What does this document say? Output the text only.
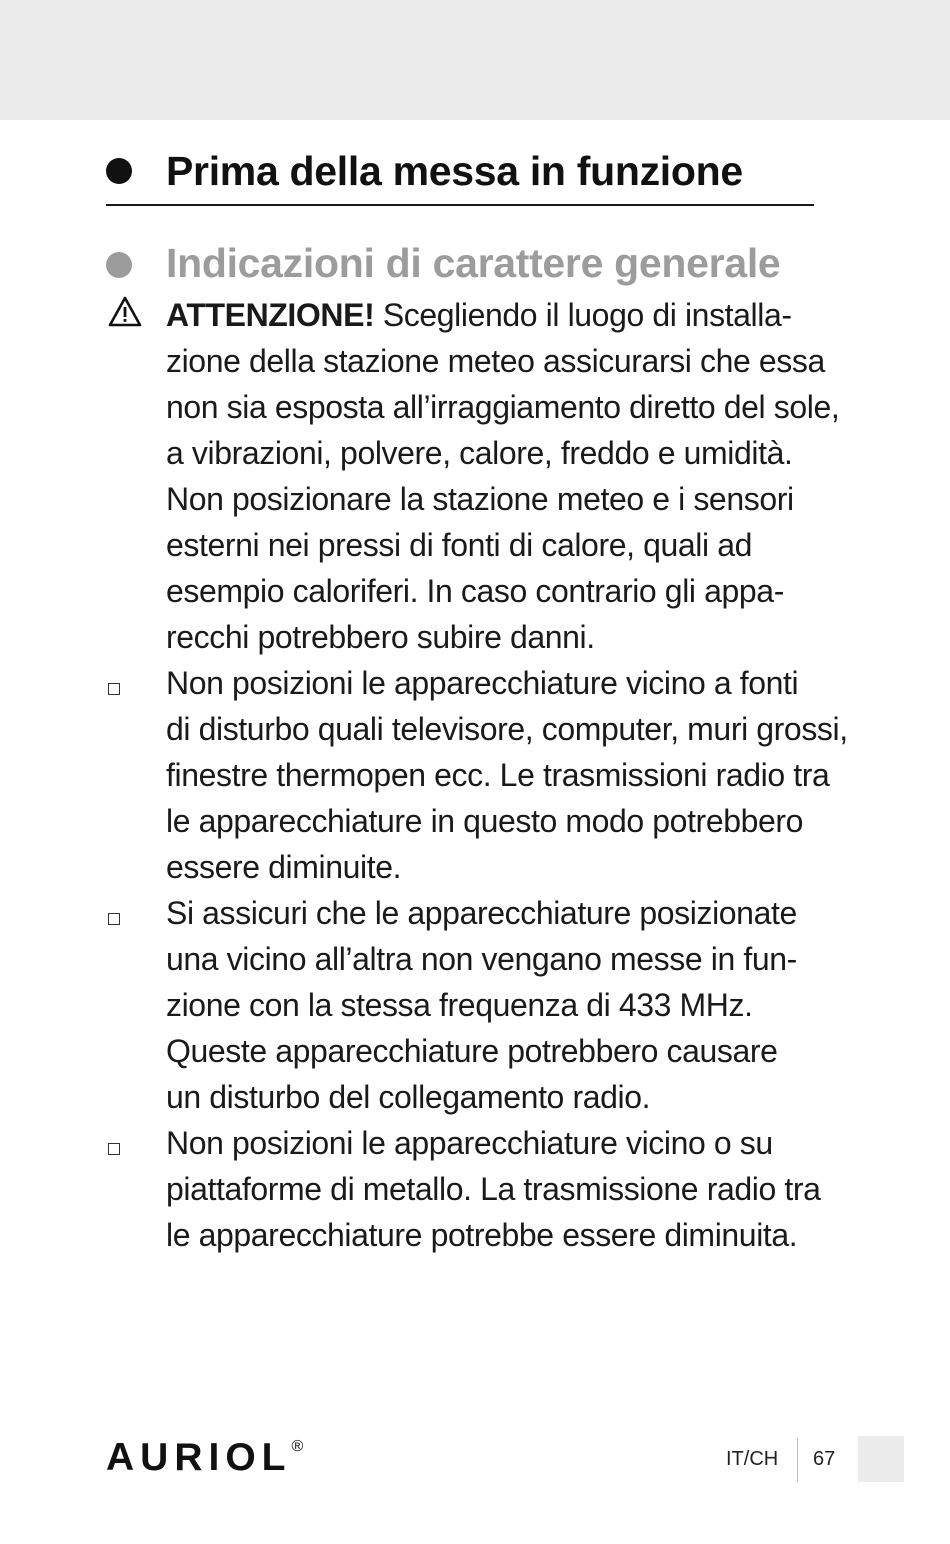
Prima della messa in funzione
Indicazioni di carattere generale
ATTENZIONE! Scegliendo il luogo di installa-
zione della stazione meteo assicurarsi che essa
non sia esposta all’irraggiamento diretto del sole,
a vibrazioni, polvere, calore, freddo e umidità.
Non posizionare la stazione meteo e i sensori
esterni nei pressi di fonti di calore, quali ad
esempio caloriferi. In caso contrario gli appa-
recchi potrebbero subire danni.
Non posizioni le apparecchiature vicino a fonti
di disturbo quali televisore, computer, muri grossi,
finestre thermopen ecc. Le trasmissioni radio tra
le apparecchiature in questo modo potrebbero
essere diminuite.
Si assicuri che le apparecchiature posizionate
una vicino all’altra non vengano messe in fun-
zione con la stessa frequenza di 433 MHz.
Queste apparecchiature potrebbero causare
un disturbo del collegamento radio.
Non posizioni le apparecchiature vicino o su
piattaforme di metallo. La trasmissione radio tra
le apparecchiature potrebbe essere diminuita.
AURIOL ®
IT/CH 67
